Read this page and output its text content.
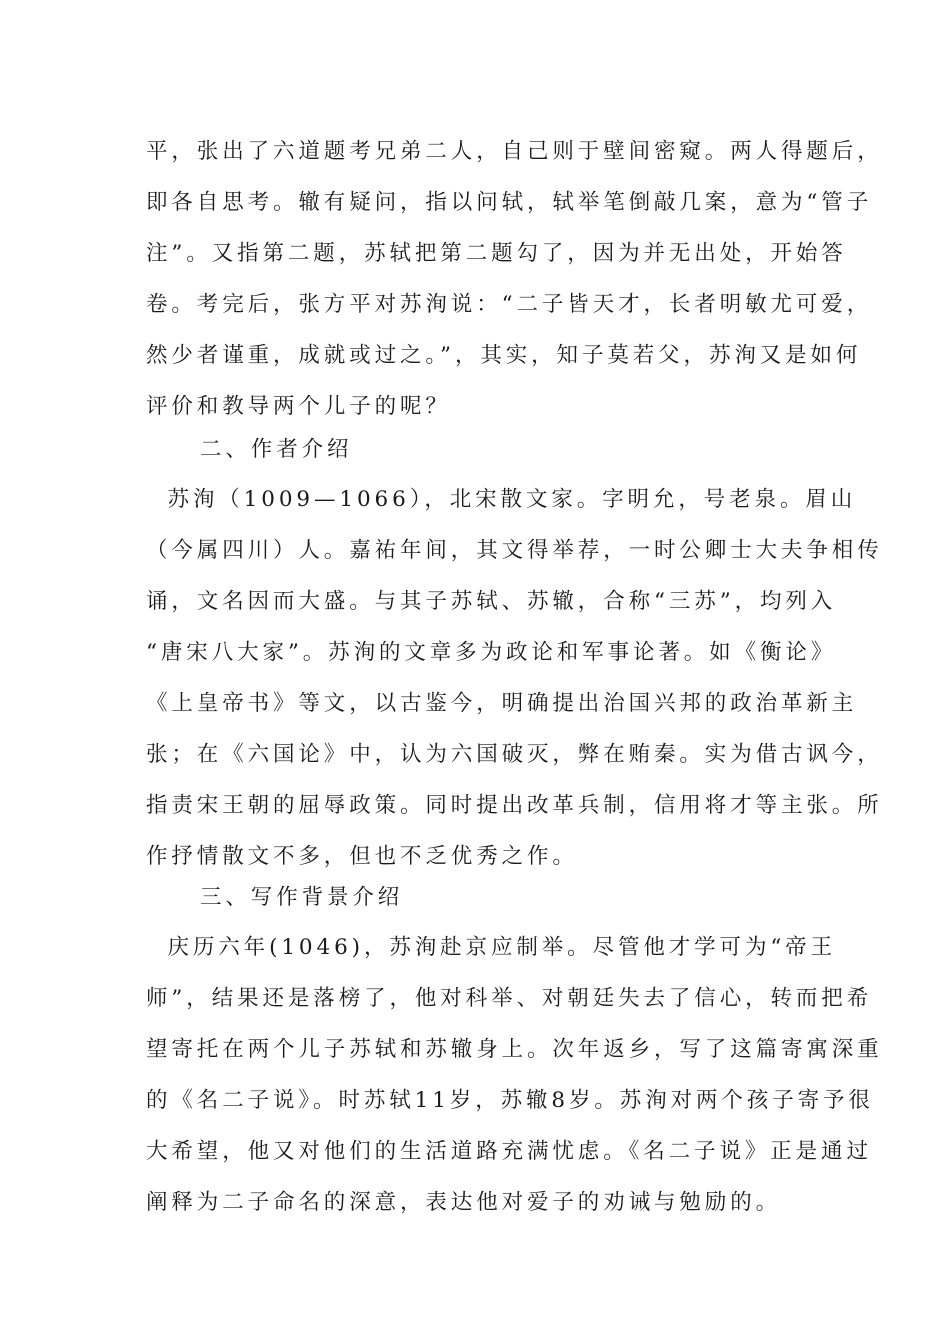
平，张出了六道题考兄弟二人，自己则于壁间密窥。两人得题后，
即各自思考。辙有疑问，指以问轼，轼举笔倒敲几案，意为“管子
注”。又指第二题，苏轼把第二题勾了，因为并无出处，开始答
卷。考完后，张方平对苏洵说：“二子皆天才，长者明敏尤可爱，
然少者谨重，成就或过之。”，其实，知子莫若父，苏洵又是如何
评价和教导两个儿子的呢？
二、作者介绍
苏洵（1009—1066），北宋散文家。字明允，号老泉。眉山
（今属四川）人。嘉祐年间，其文得举荐，一时公卿士大夫争相传
诵，文名因而大盛。与其子苏轼、苏辙，合称“三苏”，均列入
“唐宋八大家”。苏洵的文章多为政论和军事论著。如《衡论》
《上皇帝书》等文，以古鉴今，明确提出治国兴邦的政治革新主
张；在《六国论》中，认为六国破灭，弊在贿秦。实为借古讽今，
指责宋王朝的屈辱政策。同时提出改革兵制，信用将才等主张。所
作抒情散文不多，但也不乏优秀之作。
三、写作背景介绍
庆历六年(1046)，苏洵赴京应制举。尽管他才学可为“帝王
师”，结果还是落榜了，他对科举、对朝廷失去了信心，转而把希
望寄托在两个儿子苏轼和苏辙身上。次年返乡，写了这篇寄寓深重
的《名二子说》。时苏轼11岁，苏辙8岁。苏洵对两个孩子寄予很
大希望，他又对他们的生活道路充满忧虑。《名二子说》正是通过
阐释为二子命名的深意，表达他对爱子的劝诫与勉励的。
